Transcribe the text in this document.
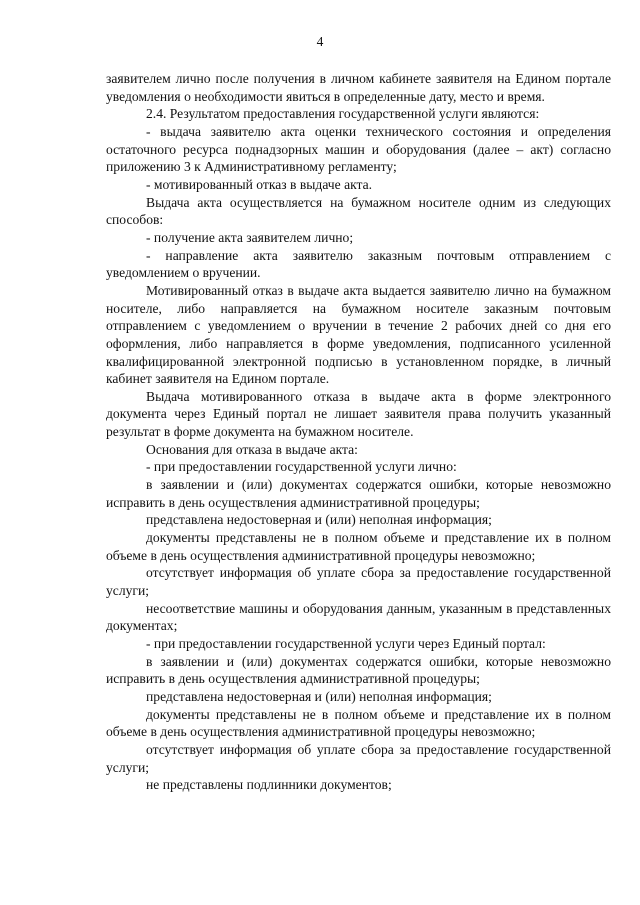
4

заявителем лично после получения в личном кабинете заявителя на Едином портале уведомления о необходимости явиться в определенные дату, место и время.

2.4. Результатом предоставления государственной услуги являются:

- выдача заявителю акта оценки технического состояния и определения остаточного ресурса поднадзорных машин и оборудования (далее – акт) согласно приложению 3 к Административному регламенту;

- мотивированный отказ в выдаче акта.

Выдача акта осуществляется на бумажном носителе одним из следующих способов:

- получение акта заявителем лично;

- направление акта заявителю заказным почтовым отправлением с уведомлением о вручении.

Мотивированный отказ в выдаче акта выдается заявителю лично на бумажном носителе, либо направляется на бумажном носителе заказным почтовым отправлением с уведомлением о вручении в течение 2 рабочих дней со дня его оформления, либо направляется в форме уведомления, подписанного усиленной квалифицированной электронной подписью в установленном порядке, в личный кабинет заявителя на Едином портале.

Выдача мотивированного отказа в выдаче акта в форме электронного документа через Единый портал не лишает заявителя права получить указанный результат в форме документа на бумажном носителе.

Основания для отказа в выдаче акта:

- при предоставлении государственной услуги лично:

в заявлении и (или) документах содержатся ошибки, которые невозможно исправить в день осуществления административной процедуры;

представлена недостоверная и (или) неполная информация;

документы представлены не в полном объеме и представление их в полном объеме в день осуществления административной процедуры невозможно;

отсутствует информация об уплате сбора за предоставление государственной услуги;

несоответствие машины и оборудования данным, указанным в представленных документах;

- при предоставлении государственной услуги через Единый портал:

в заявлении и (или) документах содержатся ошибки, которые невозможно исправить в день осуществления административной процедуры;

представлена недостоверная и (или) неполная информация;

документы представлены не в полном объеме и представление их в полном объеме в день осуществления административной процедуры невозможно;

отсутствует информация об уплате сбора за предоставление государственной услуги;

не представлены подлинники документов;
